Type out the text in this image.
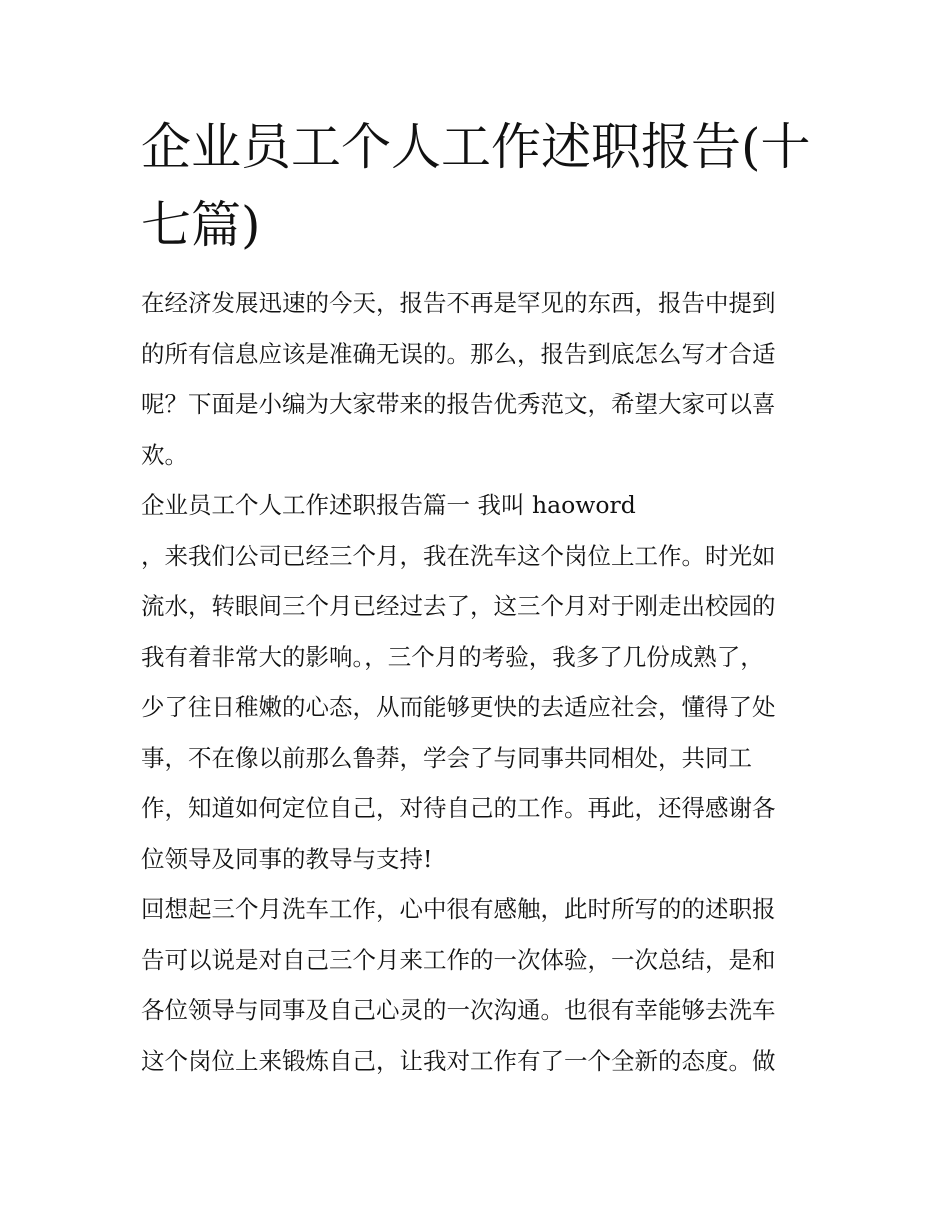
企业员工个人工作述职报告(十
七篇)

在经济发展迅速的今天，报告不再是罕见的东西，报告中提到
的所有信息应该是准确无误的。那么，报告到底怎么写才合适
呢？下面是小编为大家带来的报告优秀范文，希望大家可以喜
欢。

企业员工个人工作述职报告篇一 我叫 haoword

，来我们公司已经三个月，我在洗车这个岗位上工作。时光如
流水，转眼间三个月已经过去了，这三个月对于刚走出校园的
我有着非常大的影响。，三个月的考验，我多了几份成熟了，
少了往日稚嫩的心态，从而能够更快的去适应社会，懂得了处
事，不在像以前那么鲁莽，学会了与同事共同相处，共同工
作，知道如何定位自己，对待自己的工作。再此，还得感谢各
位领导及同事的教导与支持!

回想起三个月洗车工作，心中很有感触，此时所写的的述职报
告可以说是对自己三个月来工作的一次体验，一次总结，是和
各位领导与同事及自己心灵的一次沟通。也很有幸能够去洗车
这个岗位上来锻炼自己，让我对工作有了一个全新的态度。做
